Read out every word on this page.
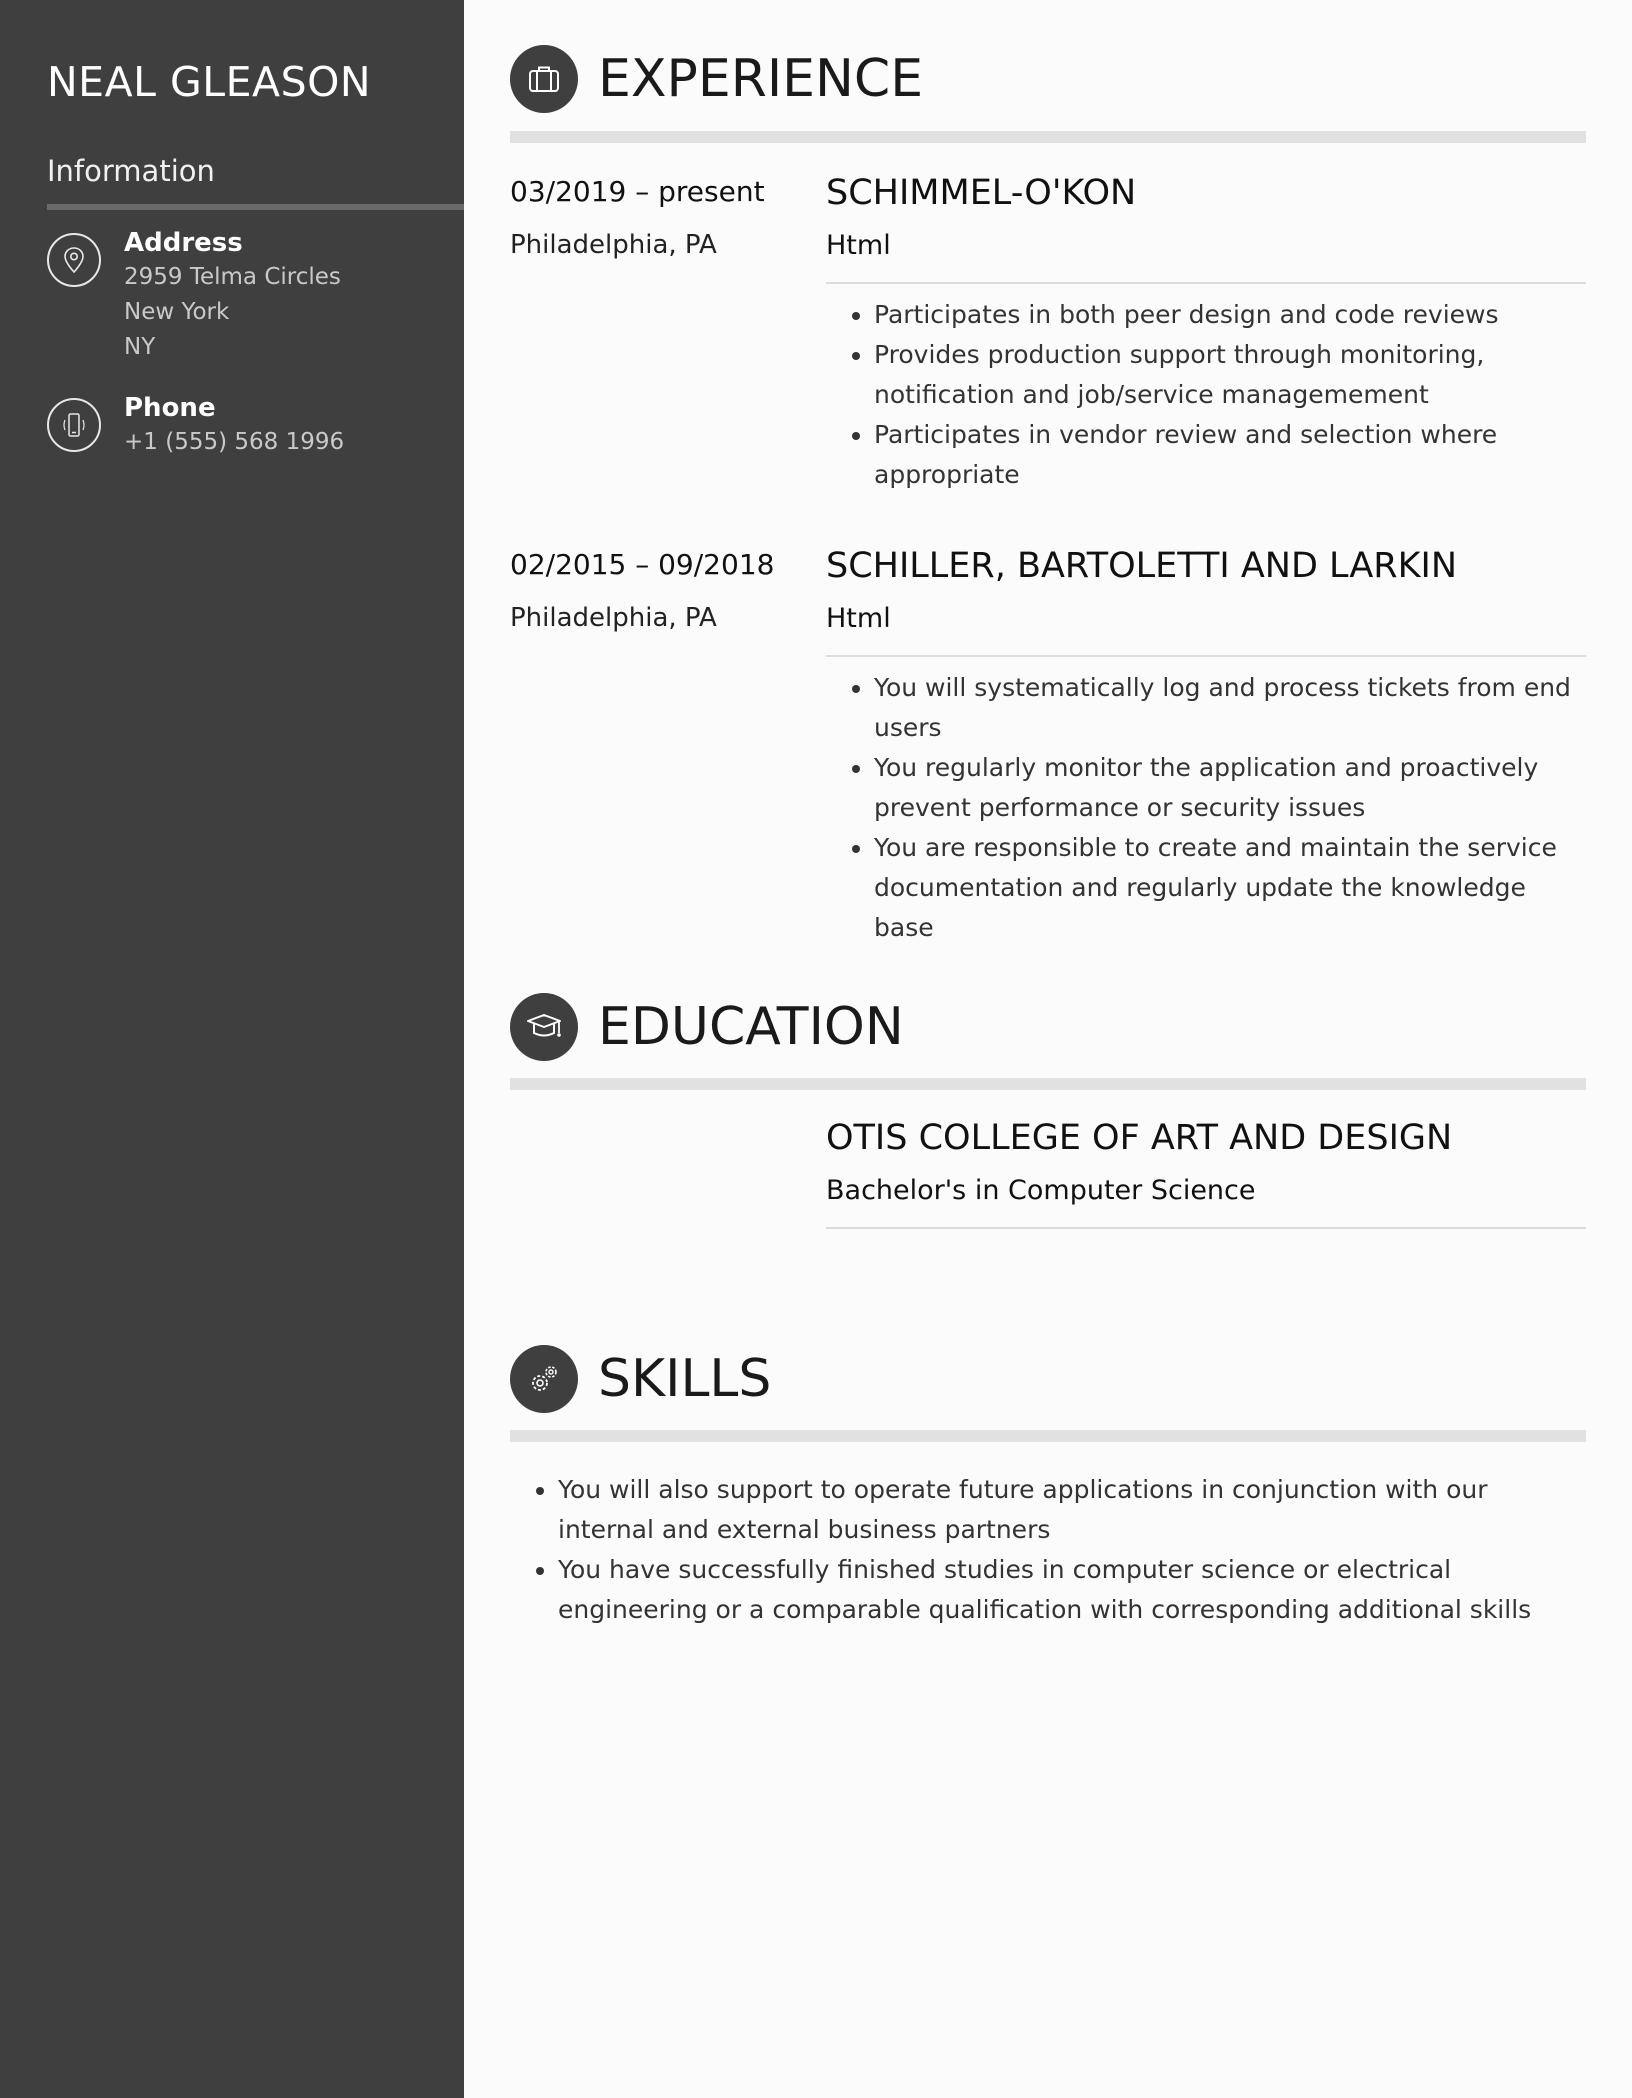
NEAL GLEASON
Information
Address
2959 Telma Circles
New York
NY
Phone
+1 (555) 568 1996
EXPERIENCE
03/2019 – present
Philadelphia, PA
SCHIMMEL-O'KON
Html
• Participates in both peer design and code reviews
• Provides production support through monitoring, notification and job/service managemement
• Participates in vendor review and selection where appropriate
02/2015 – 09/2018
Philadelphia, PA
SCHILLER, BARTOLETTI AND LARKIN
Html
• You will systematically log and process tickets from end users
• You regularly monitor the application and proactively prevent performance or security issues
• You are responsible to create and maintain the service documentation and regularly update the knowledge base
EDUCATION
OTIS COLLEGE OF ART AND DESIGN
Bachelor's in Computer Science
SKILLS
• You will also support to operate future applications in conjunction with our internal and external business partners
• You have successfully finished studies in computer science or electrical engineering or a comparable qualification with corresponding additional skills
